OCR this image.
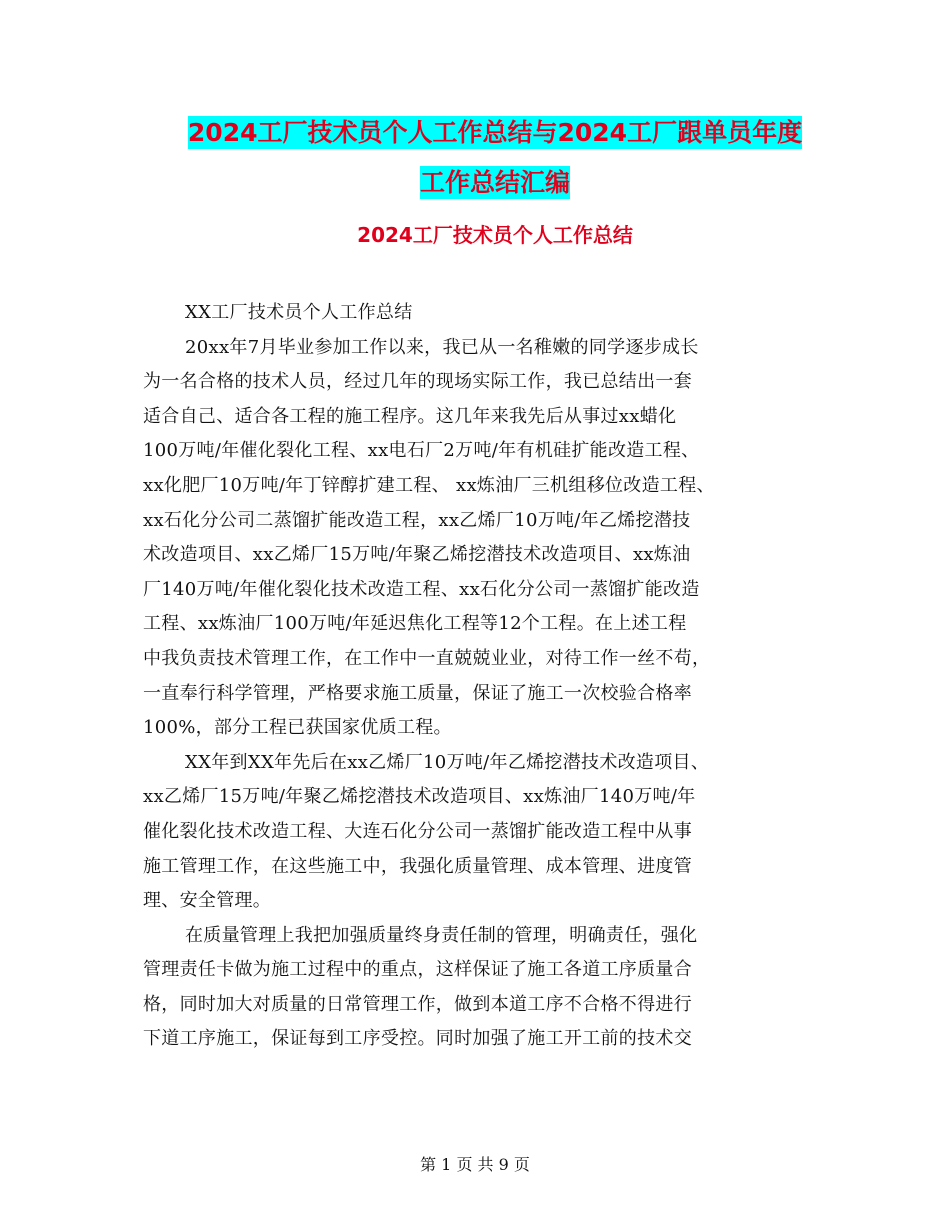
2024工厂技术员个人工作总结与2024工厂跟单员年度
工作总结汇编
2024工厂技术员个人工作总结

XX工厂技术员个人工作总结

20xx年7月毕业参加工作以来，我已从一名稚嫩的同学逐步成长
为一名合格的技术人员，经过几年的现场实际工作，我已总结出一套
适合自己、适合各工程的施工程序。这几年来我先后从事过xx蜡化
100万吨/年催化裂化工程、xx电石厂2万吨/年有机硅扩能改造工程、
xx化肥厂10万吨/年丁锌醇扩建工程、 xx炼油厂三机组移位改造工程、
xx石化分公司二蒸馏扩能改造工程，xx乙烯厂10万吨/年乙烯挖潜技
术改造项目、xx乙烯厂15万吨/年聚乙烯挖潜技术改造项目、xx炼油
厂140万吨/年催化裂化技术改造工程、xx石化分公司一蒸馏扩能改造
工程、xx炼油厂100万吨/年延迟焦化工程等12个工程。在上述工程
中我负责技术管理工作，在工作中一直兢兢业业，对待工作一丝不苟，
一直奉行科学管理，严格要求施工质量，保证了施工一次校验合格率
100%，部分工程已获国家优质工程。

XX年到XX年先后在xx乙烯厂10万吨/年乙烯挖潜技术改造项目、
xx乙烯厂15万吨/年聚乙烯挖潜技术改造项目、xx炼油厂140万吨/年
催化裂化技术改造工程、大连石化分公司一蒸馏扩能改造工程中从事
施工管理工作，在这些施工中，我强化质量管理、成本管理、进度管
理、安全管理。

在质量管理上我把加强质量终身责任制的管理，明确责任，强化
管理责任卡做为施工过程中的重点，这样保证了施工各道工序质量合
格，同时加大对质量的日常管理工作，做到本道工序不合格不得进行
下道工序施工，保证每到工序受控。同时加强了施工开工前的技术交

第 1 页 共 9 页
